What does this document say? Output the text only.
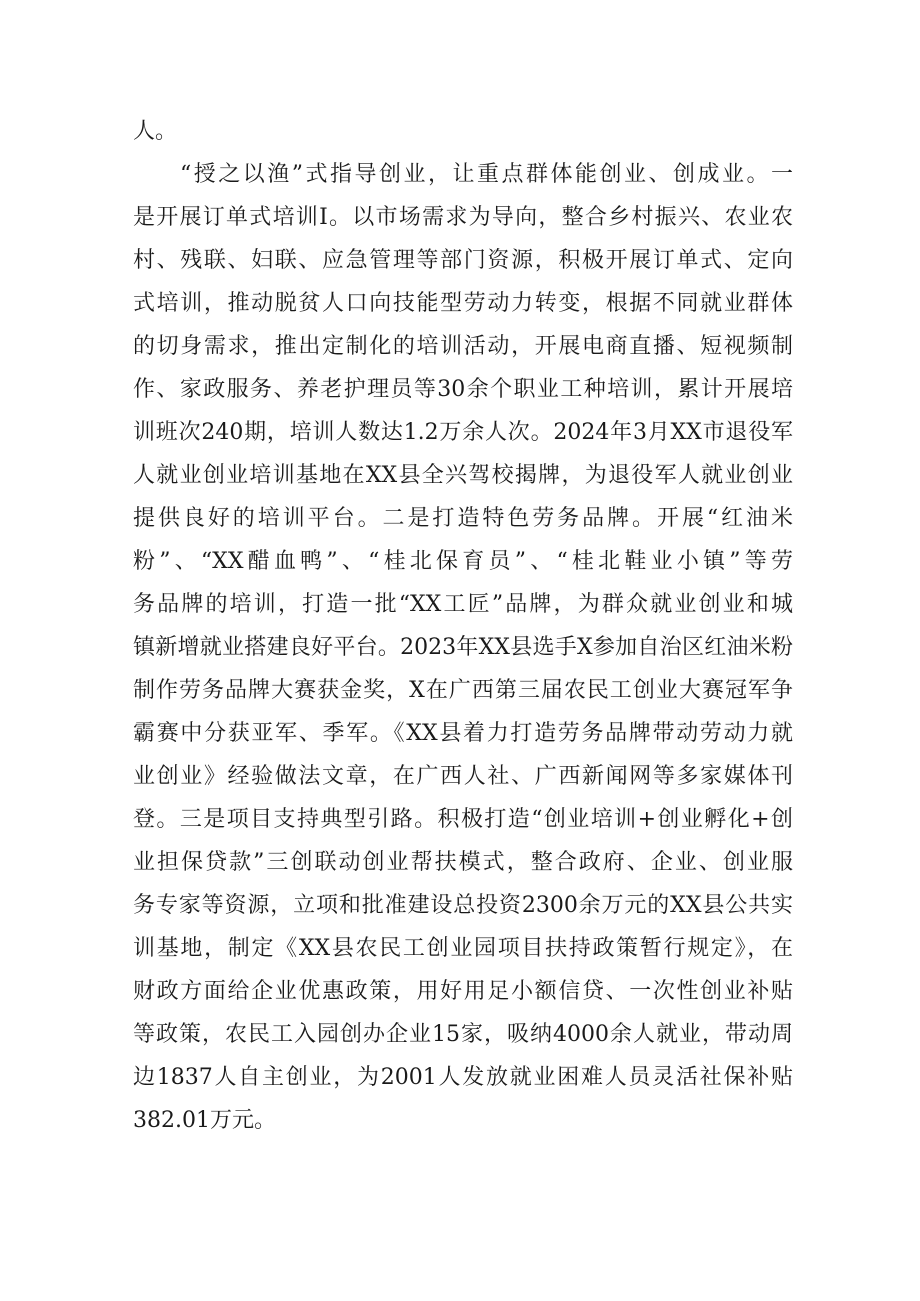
人。

“授之以渔”式指导创业，让重点群体能创业、创成业。一

是开展订单式培训I。以市场需求为导向，整合乡村振兴、农业农

村、残联、妇联、应急管理等部门资源，积极开展订单式、定向

式培训，推动脱贫人口向技能型劳动力转变，根据不同就业群体

的切身需求，推出定制化的培训活动，开展电商直播、短视频制

作、家政服务、养老护理员等30余个职业工种培训，累计开展培

训班次240期，培训人数达1.2万余人次。2024年3月XX市退役军

人就业创业培训基地在XX县全兴驾校揭牌，为退役军人就业创业

提供良好的培训平台。二是打造特色劳务品牌。开展“红油米

粉”、“XX醋血鸭”、“桂北保育员”、“桂北鞋业小镇”等劳

务品牌的培训，打造一批“XX工匠”品牌，为群众就业创业和城

镇新增就业搭建良好平台。2023年XX县选手X参加自治区红油米粉

制作劳务品牌大赛获金奖，X在广西第三届农民工创业大赛冠军争

霸赛中分获亚军、季军。《XX县着力打造劳务品牌带动劳动力就

业创业》经验做法文章，在广西人社、广西新闻网等多家媒体刊

登。三是项目支持典型引路。积极打造“创业培训+创业孵化+创

业担保贷款”三创联动创业帮扶模式，整合政府、企业、创业服

务专家等资源，立项和批准建设总投资2300余万元的XX县公共实

训基地，制定《XX县农民工创业园项目扶持政策暂行规定》，在

财政方面给企业优惠政策，用好用足小额信贷、一次性创业补贴

等政策，农民工入园创办企业15家，吸纳4000余人就业，带动周

边1837人自主创业，为2001人发放就业困难人员灵活社保补贴

382.01万元。
